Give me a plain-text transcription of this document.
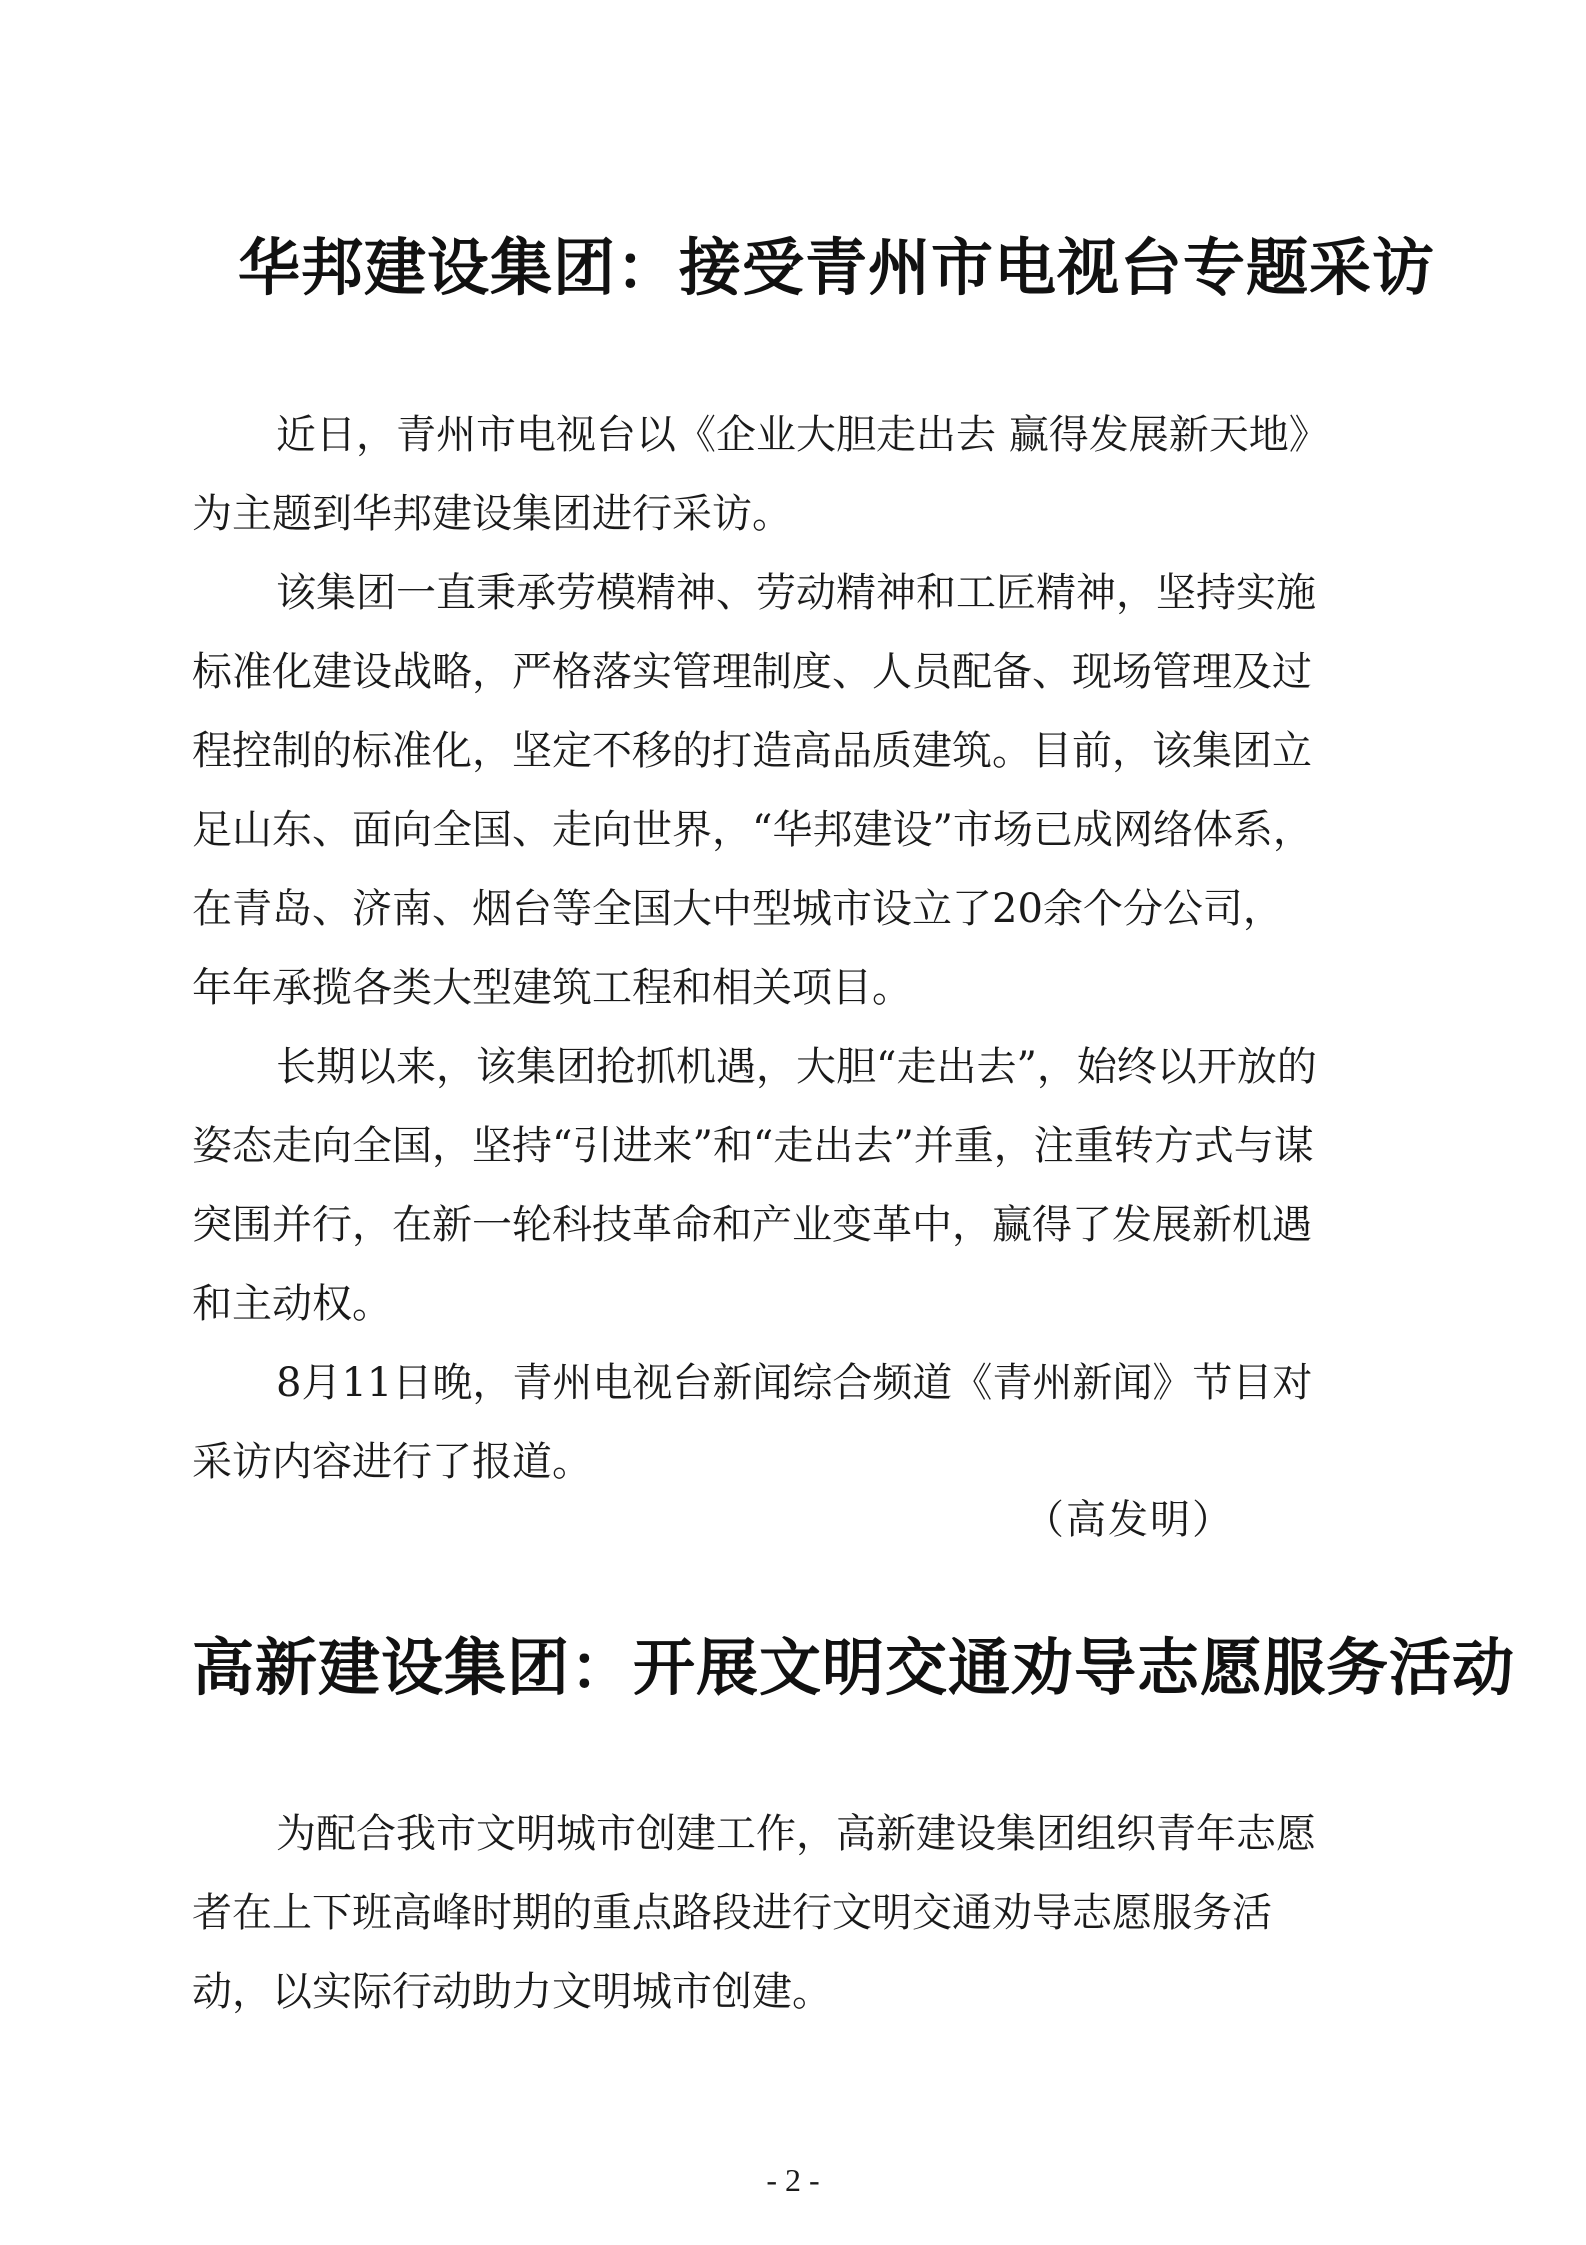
华邦建设集团：接受青州市电视台专题采访
近日，青州市电视台以《企业大胆走出去 赢得发展新天地》
为主题到华邦建设集团进行采访。
该集团一直秉承劳模精神、劳动精神和工匠精神，坚持实施
标准化建设战略，严格落实管理制度、人员配备、现场管理及过
程控制的标准化，坚定不移的打造高品质建筑。目前，该集团立
足山东、面向全国、走向世界，“华邦建设”市场已成网络体系，
在青岛、济南、烟台等全国大中型城市设立了20余个分公司，
年年承揽各类大型建筑工程和相关项目。
长期以来，该集团抢抓机遇，大胆“走出去”，始终以开放的
姿态走向全国，坚持“引进来”和“走出去”并重，注重转方式与谋
突围并行，在新一轮科技革命和产业变革中，赢得了发展新机遇
和主动权。
8月11日晚，青州电视台新闻综合频道《青州新闻》节目对
采访内容进行了报道。
（高发明）
高新建设集团：开展文明交通劝导志愿服务活动
为配合我市文明城市创建工作，高新建设集团组织青年志愿
者在上下班高峰时期的重点路段进行文明交通劝导志愿服务活
动，以实际行动助力文明城市创建。
- 2 -
